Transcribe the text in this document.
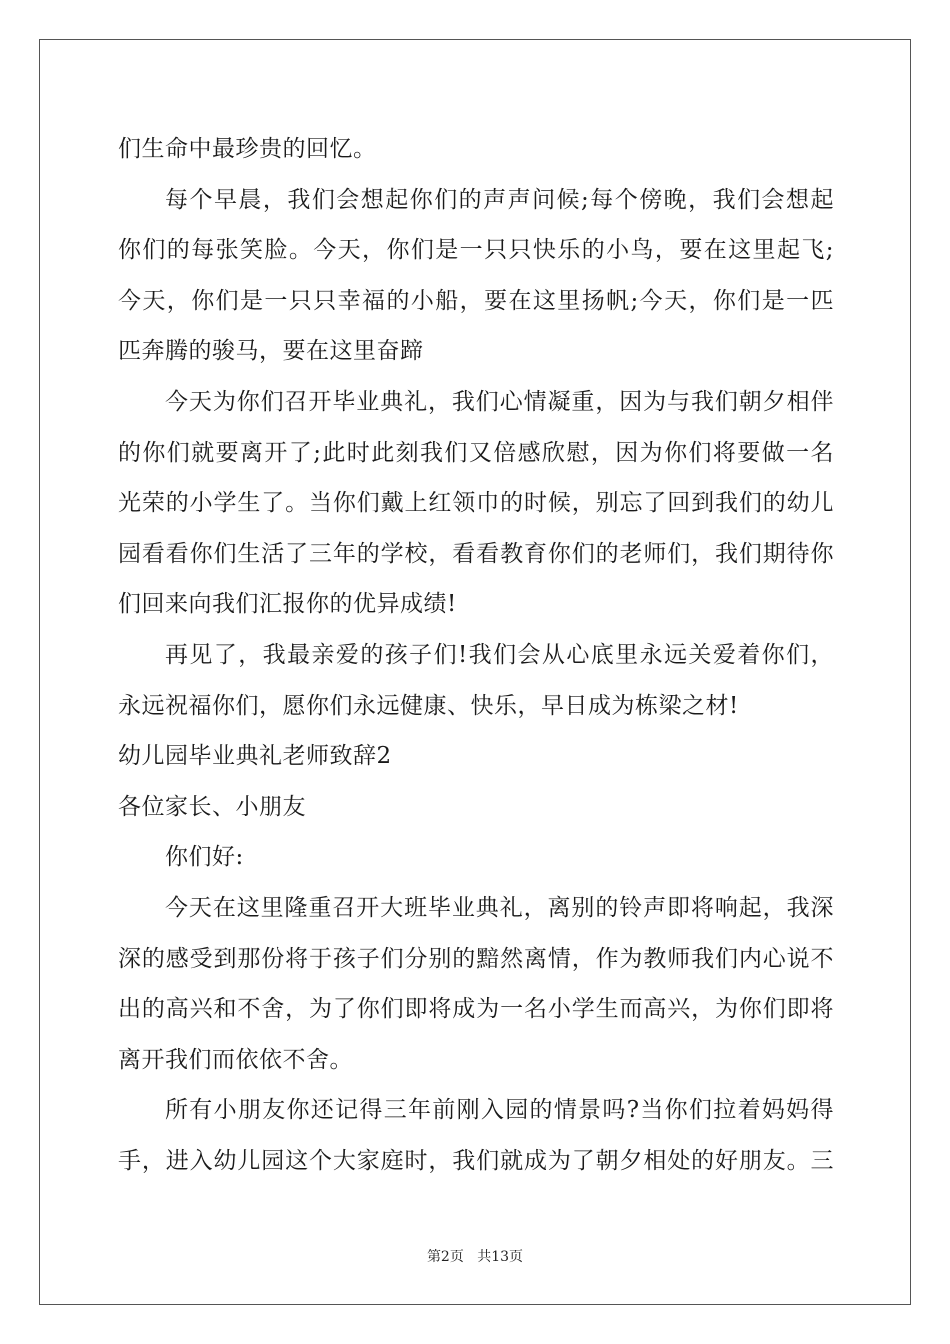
们生命中最珍贵的回忆。
每个早晨，我们会想起你们的声声问候;每个傍晚，我们会想起
你们的每张笑脸。今天，你们是一只只快乐的小鸟，要在这里起飞;
今天，你们是一只只幸福的小船，要在这里扬帆;今天，你们是一匹
匹奔腾的骏马，要在这里奋蹄
今天为你们召开毕业典礼，我们心情凝重，因为与我们朝夕相伴
的你们就要离开了;此时此刻我们又倍感欣慰，因为你们将要做一名
光荣的小学生了。当你们戴上红领巾的时候，别忘了回到我们的幼儿
园看看你们生活了三年的学校，看看教育你们的老师们，我们期待你
们回来向我们汇报你的优异成绩!
再见了，我最亲爱的孩子们!我们会从心底里永远关爱着你们，
永远祝福你们，愿你们永远健康、快乐，早日成为栋梁之材!
幼儿园毕业典礼老师致辞2
各位家长、小朋友
你们好:
今天在这里隆重召开大班毕业典礼，离别的铃声即将响起，我深
深的感受到那份将于孩子们分别的黯然离情，作为教师我们内心说不
出的高兴和不舍，为了你们即将成为一名小学生而高兴，为你们即将
离开我们而依依不舍。
所有小朋友你还记得三年前刚入园的情景吗?当你们拉着妈妈得
手，进入幼儿园这个大家庭时，我们就成为了朝夕相处的好朋友。三
第2页 共13页
